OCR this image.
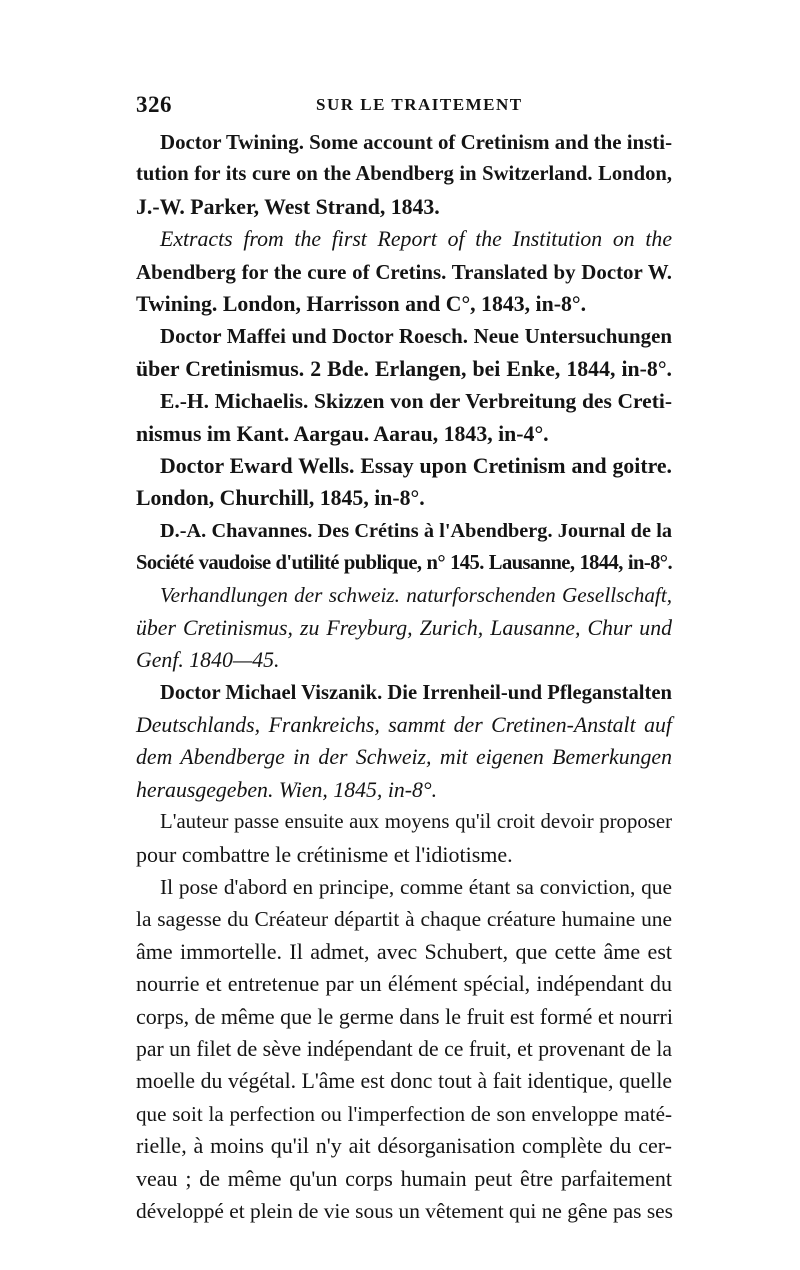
326	SUR LE TRAITEMENT
Doctor Twining. Some account of Cretinism and the insti-
tution for its cure on the Abendberg in Switzerland. London,
J.-W. Parker, West Strand, 1843.
Extracts from the first Report of the Institution on the
Abendberg for the cure of Cretins. Translated by Doctor W.
Twining. London, Harrisson and C°, 1843, in-8°.
Doctor Maffei und Doctor Roesch. Neue Untersuchungen
über Cretinismus. 2 Bde. Erlangen, bei Enke, 1844, in-8°.
E.-H. Michaelis. Skizzen von der Verbreitung des Creti-
nismus im Kant. Aargau. Aarau, 1843, in-4°.
Doctor Eward Wells. Essay upon Cretinism and goitre.
London, Churchill, 1845, in-8°.
D.-A. Chavannes. Des Crétins à l'Abendberg. Journal de la
Société vaudoise d'utilité publique, n° 145. Lausanne, 1844, in-8°.
Verhandlungen der schweiz. naturforschenden Gesellschaft,
über Cretinismus, zu Freyburg, Zurich, Lausanne, Chur und
Genf. 1840—45.
Doctor Michael Viszanik. Die Irrenheil-und Pfleganstalten
Deutschlands, Frankreichs, sammt der Cretinen-Anstalt auf
dem Abendberge in der Schweiz, mit eigenen Bemerkungen
herausgegeben. Wien, 1845, in-8°.
L'auteur passe ensuite aux moyens qu'il croit devoir proposer
pour combattre le crétinisme et l'idiotisme.
Il pose d'abord en principe, comme étant sa conviction, que
la sagesse du Créateur départit à chaque créature humaine une
âme immortelle. Il admet, avec Schubert, que cette âme est
nourrie et entretenue par un élément spécial, indépendant du
corps, de même que le germe dans le fruit est formé et nourri
par un filet de sève indépendant de ce fruit, et provenant de la
moelle du végétal. L'âme est donc tout à fait identique, quelle
que soit la perfection ou l'imperfection de son enveloppe maté-
rielle, à moins qu'il n'y ait désorganisation complète du cer-
veau ; de même qu'un corps humain peut être parfaitement
développé et plein de vie sous un vêtement qui ne gêne pas ses
